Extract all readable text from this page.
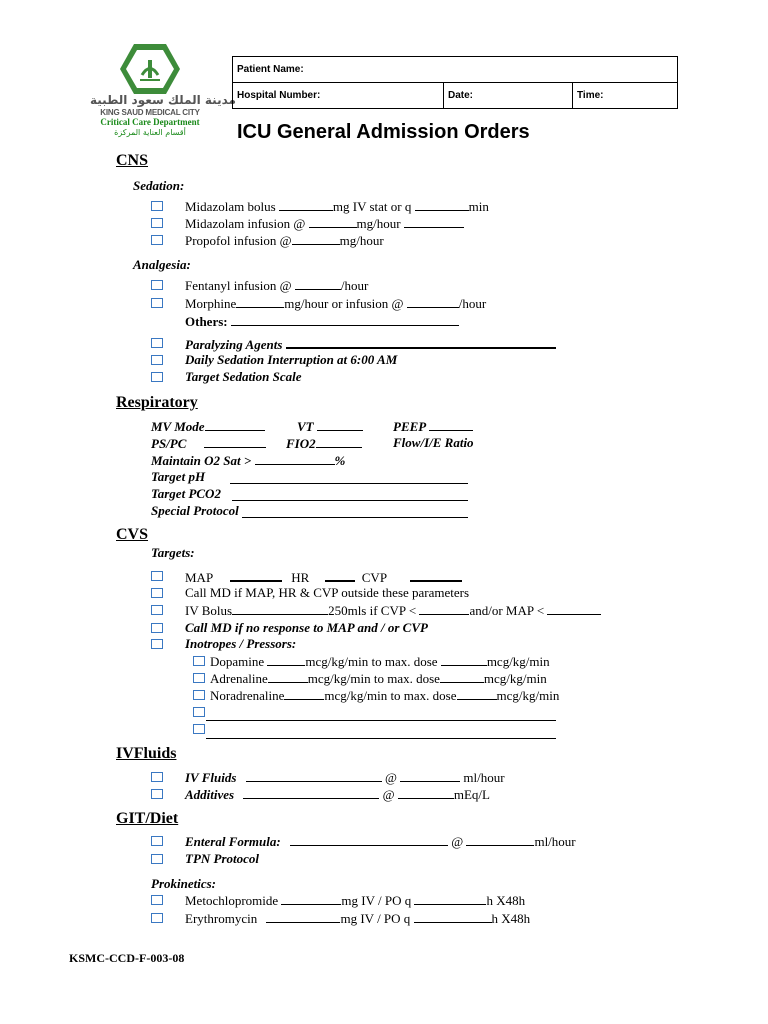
مدينة الملك سعود الطبية
KING SAUD MEDICAL CITY
Critical Care Department
أقسام العناية المركزة
Patient Name:
Hospital Number:	Date:	Time:
ICU General Admission Orders
CNS
Sedation:
Midazolam bolus	mg IV stat or q	min
Midazolam infusion @	mg/hour
Propofol infusion @	mg/hour
Analgesia:
Fentanyl infusion @	/hour
Morphine	mg/hour or infusion @	/hour
Others:
Paralyzing Agents
Daily Sedation Interruption at 6:00 AM
Target Sedation Scale
Respiratory
MV Mode	VT	PEEP
PS/PC	FIO2	Flow/I/E Ratio
Maintain O2 Sat >	%
Target pH
Target PCO2
Special Protocol
CVS
Targets:
MAP	HR	CVP
Call MD if MAP, HR & CVP outside these parameters
IV Bolus	250mls if CVP <	and/or MAP <
Call MD if no response to MAP and / or CVP
Inotropes / Pressors:
Dopamine	mcg/kg/min to max. dose	mcg/kg/min
Adrenaline	mcg/kg/min to max. dose	mcg/kg/min
Noradrenaline	mcg/kg/min to max. dose	mcg/kg/min
IVFluids
IV Fluids	@	ml/hour
Additives	@	mEq/L
GIT/Diet
Enteral Formula:	@	ml/hour
TPN Protocol
Prokinetics:
Metochlopromide	mg IV / PO q	h X48h
Erythromycin	mg IV / PO q	h X48h
KSMC-CCD-F-003-08
